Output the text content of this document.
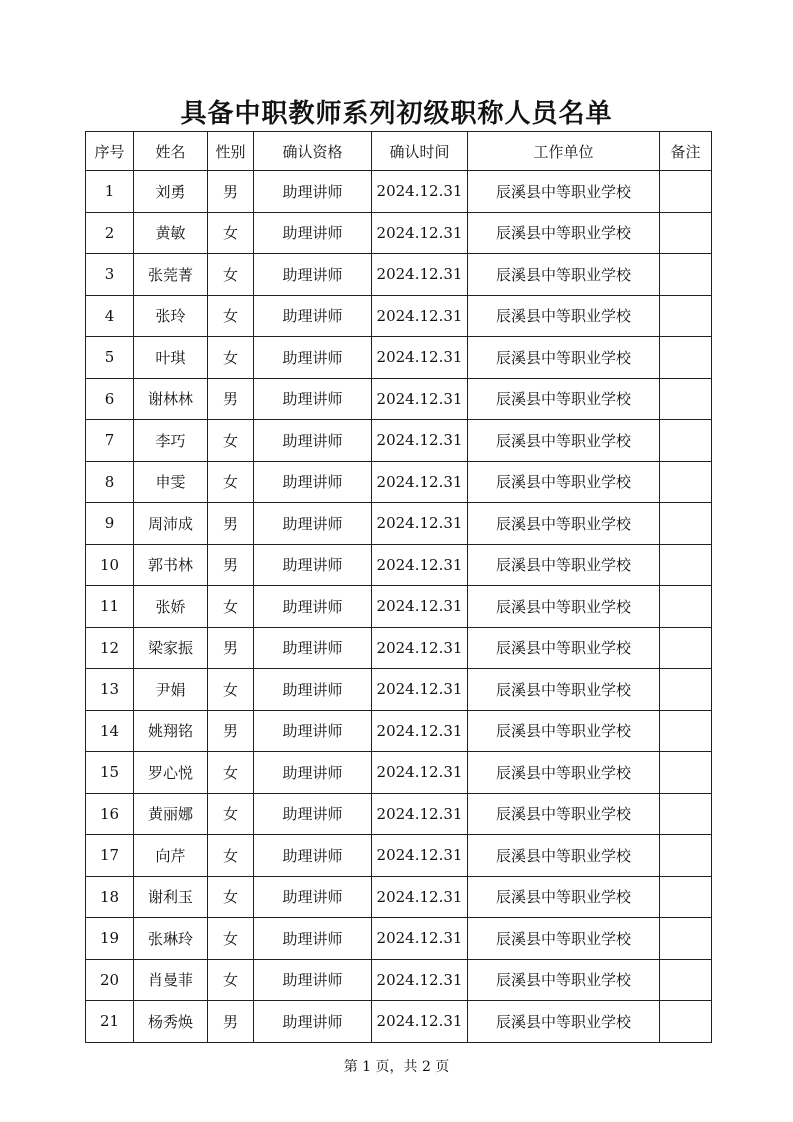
具备中职教师系列初级职称人员名单
序号	姓名	性别	确认资格	确认时间	工作单位	备注
1	刘勇	男	助理讲师	2024.12.31	辰溪县中等职业学校	
2	黄敏	女	助理讲师	2024.12.31	辰溪县中等职业学校	
3	张莞菁	女	助理讲师	2024.12.31	辰溪县中等职业学校	
4	张玲	女	助理讲师	2024.12.31	辰溪县中等职业学校	
5	叶琪	女	助理讲师	2024.12.31	辰溪县中等职业学校	
6	谢林林	男	助理讲师	2024.12.31	辰溪县中等职业学校	
7	李巧	女	助理讲师	2024.12.31	辰溪县中等职业学校	
8	申雯	女	助理讲师	2024.12.31	辰溪县中等职业学校	
9	周沛成	男	助理讲师	2024.12.31	辰溪县中等职业学校	
10	郭书林	男	助理讲师	2024.12.31	辰溪县中等职业学校	
11	张娇	女	助理讲师	2024.12.31	辰溪县中等职业学校	
12	梁家振	男	助理讲师	2024.12.31	辰溪县中等职业学校	
13	尹娟	女	助理讲师	2024.12.31	辰溪县中等职业学校	
14	姚翔铭	男	助理讲师	2024.12.31	辰溪县中等职业学校	
15	罗心悦	女	助理讲师	2024.12.31	辰溪县中等职业学校	
16	黄丽娜	女	助理讲师	2024.12.31	辰溪县中等职业学校	
17	向芹	女	助理讲师	2024.12.31	辰溪县中等职业学校	
18	谢利玉	女	助理讲师	2024.12.31	辰溪县中等职业学校	
19	张琳玲	女	助理讲师	2024.12.31	辰溪县中等职业学校	
20	肖曼菲	女	助理讲师	2024.12.31	辰溪县中等职业学校	
21	杨秀焕	男	助理讲师	2024.12.31	辰溪县中等职业学校	
第 1 页，共 2 页
